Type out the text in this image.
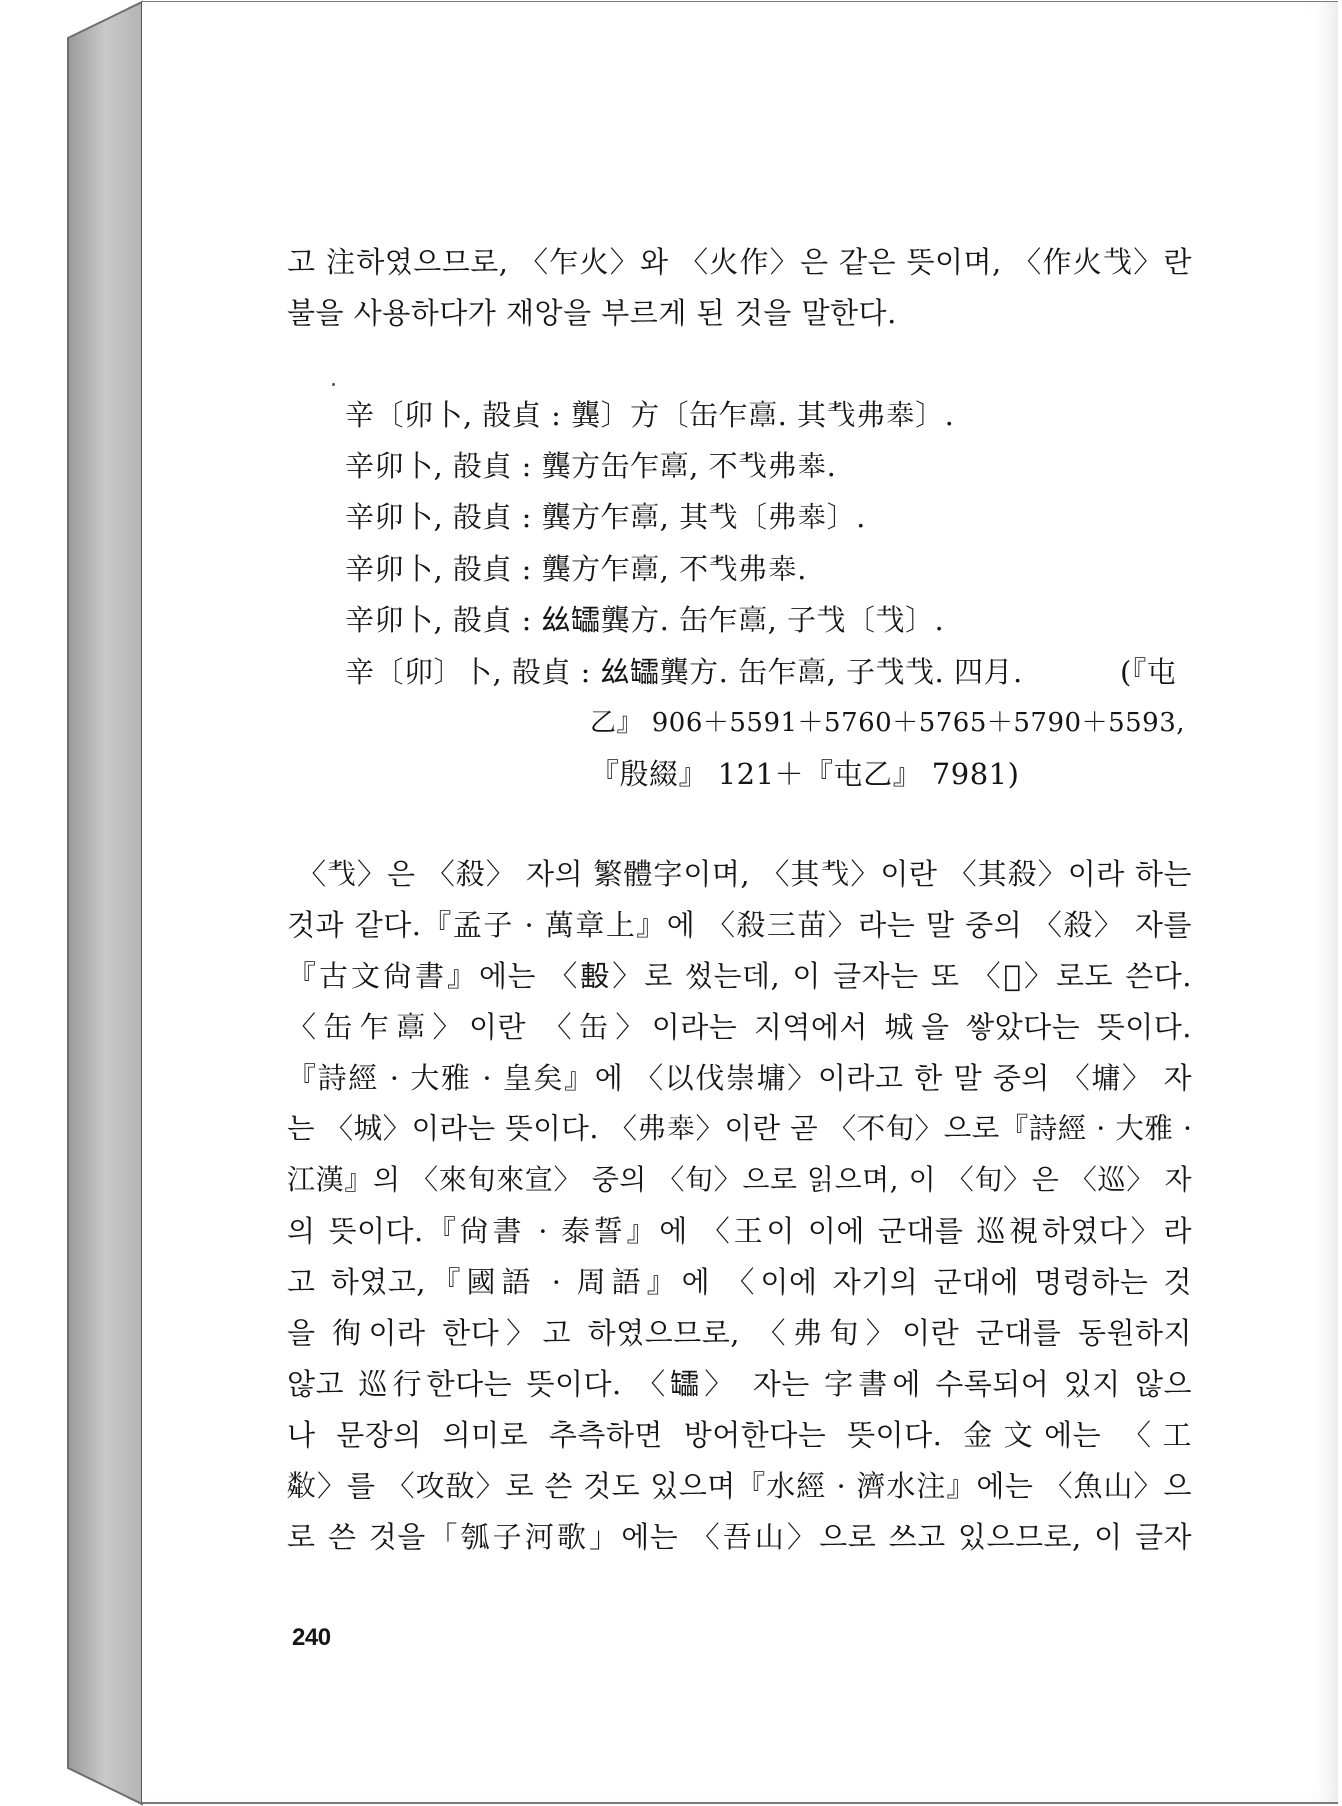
고 注하였으므로, 〈乍火〉와 〈火作〉은 같은 뜻이며, 〈作火𢦏〉란
불을 사용하다가 재앙을 부르게 된 것을 말한다.
辛〔卯卜, 㱿貞 : 龔〕方〔缶乍𩫖. 其𢦒弗𠦪〕.
辛卯卜, 㱿貞 : 龔方缶乍𩫖, 不𢦒弗𠦪.
辛卯卜, 㱿貞 : 龔方乍𩫖, 其𢦒〔弗𠦪〕.
辛卯卜, 㱿貞 : 龔方乍𩫖, 不𢦒弗𠦪.
辛卯卜, 㱿貞 : 𢆶𦉢龔方. 缶乍𩫖, 子𢦏〔𢦏〕.
辛〔卯〕卜, 㱿貞 : 𢆶𦉢龔方. 缶乍𩫖, 子𢦏𢦏. 四月.	(『屯
乙』 906＋5591＋5760＋5765＋5790＋5593,
『殷綴』 121＋『屯乙』 7981)
〈𢦒〉은 〈殺〉 자의 繁體字이며, 〈其𢦒〉이란 〈其殺〉이라 하는
것과 같다.『孟子 · 萬章上』에 〈殺三苗〉라는 말 중의 〈殺〉 자를
『古文尙書』에는 〈𣪠〉로 썼는데, 이 글자는 또 〈𣪢〉로도 쓴다.
〈缶乍𩫖〉이란 〈缶〉이라는 지역에서 城을 쌓았다는 뜻이다.
『詩經 · 大雅 · 皇矣』에 〈以伐崇墉〉이라고 한 말 중의 〈墉〉 자
는 〈城〉이라는 뜻이다. 〈弗𠦪〉이란 곧 〈不旬〉으로『詩經 · 大雅 ·
江漢』의 〈來旬來宣〉 중의 〈旬〉으로 읽으며, 이 〈旬〉은 〈巡〉 자
의 뜻이다.『尙書 · 泰誓』에 〈王이 이에 군대를 巡視하였다〉라
고 하였고,『國語 · 周語』에 〈이에 자기의 군대에 명령하는 것
을 徇이라 한다〉고 하였으므로, 〈弗旬〉이란 군대를 동원하지
않고 巡行한다는 뜻이다. 〈𦉢〉 자는 字書에 수록되어 있지 않으
나 문장의 의미로 추측하면 방어한다는 뜻이다. 金文에는 〈工
𢿻〉를 〈攻敔〉로 쓴 것도 있으며『水經 · 濟水注』에는 〈魚山〉으
로 쓴 것을「瓠子河歌」에는 〈吾山〉으로 쓰고 있으므로, 이 글자
240
